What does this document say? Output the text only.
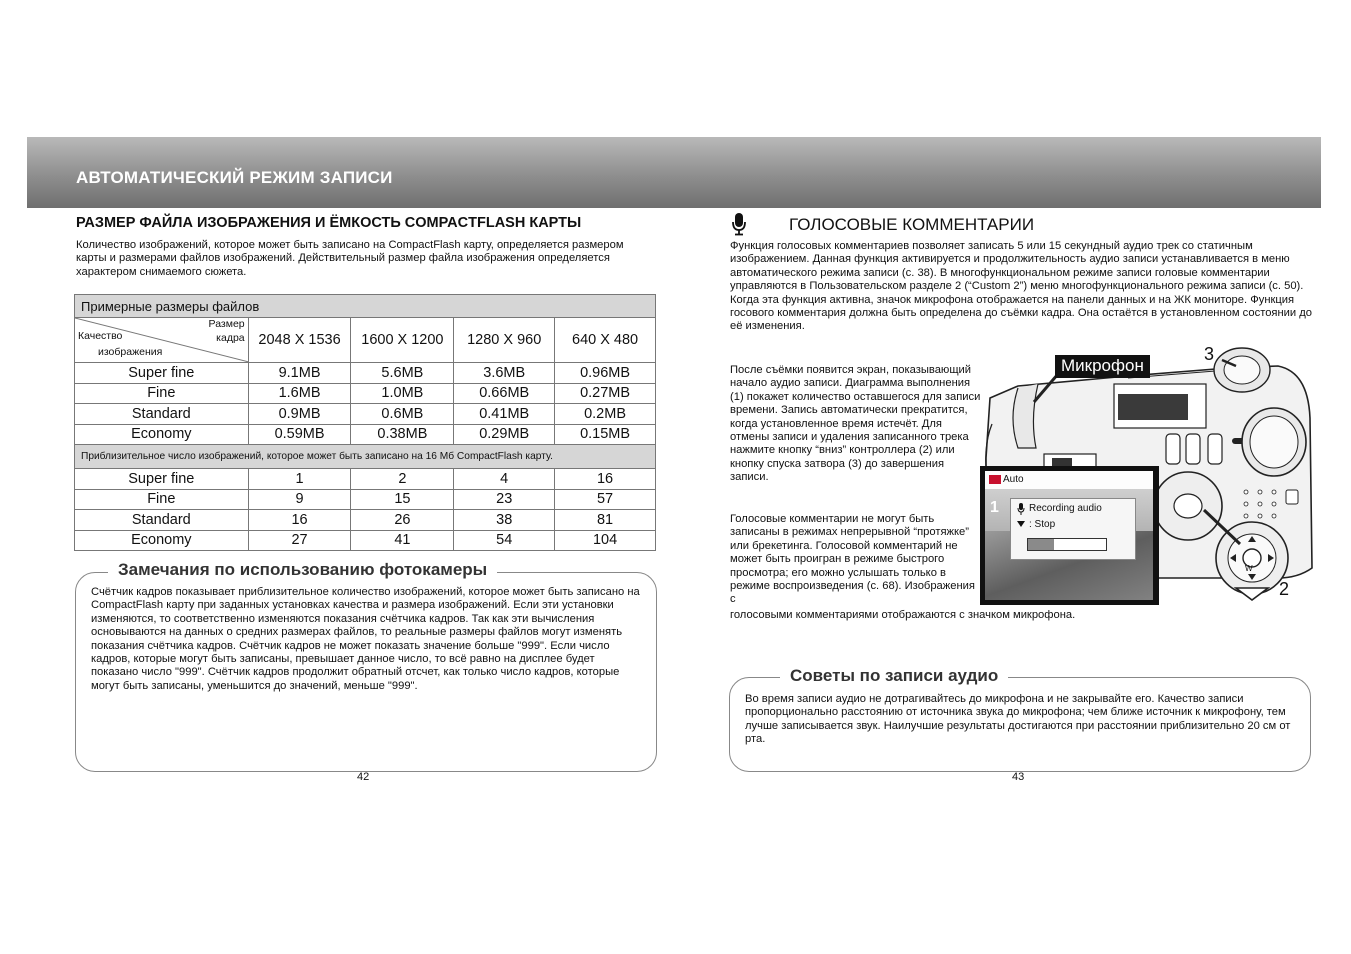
АВТОМАТИЧЕСКИЙ РЕЖИМ ЗАПИСИ
РАЗМЕР ФАЙЛА ИЗОБРАЖЕНИЯ И ЁМКОСТЬ COMPACTFLASH КАРТЫ
Количество изображений, которое может быть записано на CompactFlash карту, определяется размером карты и размерами файлов изображений. Действительный размер файла изображения определяется характером снимаемого сюжета.
Примерные размеры файлов				

Размер
кадра
Качество
изображения	2048 X 1536	1600 X 1200	1280 X 960	640 X 480
Super fine	9.1MB	5.6MB	3.6MB	0.96MB
Fine	1.6MB	1.0MB	0.66MB	0.27MB
Standard	0.9MB	0.6MB	0.41MB	0.2MB
Economy	0.59MB	0.38MB	0.29MB	0.15MB
Приблизительное число изображений, которое может быть записано на 16 Мб CompactFlash карту.				
Super fine	1	2	4	16
Fine	9	15	23	57
Standard	16	26	38	81
Economy	27	41	54	104
Замечания по использованию фотокамеры
Счётчик кадров показывает приблизительное количество изображений, которое может быть записано на CompactFlash карту при заданных установках качества и размера изображений. Если эти установки изменяются, то соответственно изменяются показания счётчика кадров. Так как эти вычисления основываются на данных о средних размерах файлов, то реальные размеры файлов могут изменять показания счётчика кадров. Счётчик кадров не может показать значение больше "999". Если число кадров, которые могут быть записаны, превышает данное число, то всё равно на дисплее будет показано число "999". Счётчик кадров продолжит обратный отсчет, как только число кадров, которые могут быть записаны, уменьшится до значений, меньше "999".
42
ГОЛОСОВЫЕ КОММЕНТАРИИ
Функция голосовых комментариев позволяет записать 5 или 15 секундный аудио трек со статичным изображением. Данная функция активируется и продолжительность аудио записи устанавливается в меню автоматического режима записи (с. 38). В многофункциональном режиме записи головые комментарии управляются в Пользовательском разделе 2 (“Custom 2”) меню многофункционального режима записи (с. 50). Когда эта функция активна, значок микрофона отображается на панели данных и на ЖК мониторе. Функция госового комментария должна быть определена до съёмки кадра. Она остаётся в установленном состоянии до её изменения.
После съёмки появится экран, показывающий начало аудио записи. Диаграмма выполнения (1) покажет количество оставшегося для записи времени. Запись автоматически прекратится, когда установленное время истечёт. Для отмены записи и удаления записанного трека нажмите кнопку “вниз” контроллера (2) или кнопку спуска затвора (3) до завершения записи.
Голосовые комментарии не могут быть записаны в режимах непрерывной “протяжке” или брекетинга. Голосовой комментарий не может быть проигран в режиме быстрого просмотра; его можно услышать только в режиме воспроизведения (с. 68). Изображения с
голосовыми комментариями отображаются с значком микрофона.
Микрофон
3
2
W
Auto
1	Recording audio
: Stop
Советы по записи аудио
Во время записи аудио не дотрагивайтесь до микрофона и не закрывайте его. Качество записи пропорционально расстоянию от источника звука до микрофона; чем ближе источник к микрофону, тем лучше записывается звук. Наилучшие результаты достигаются при расстоянии приблизительно 20 см от рта.
43
